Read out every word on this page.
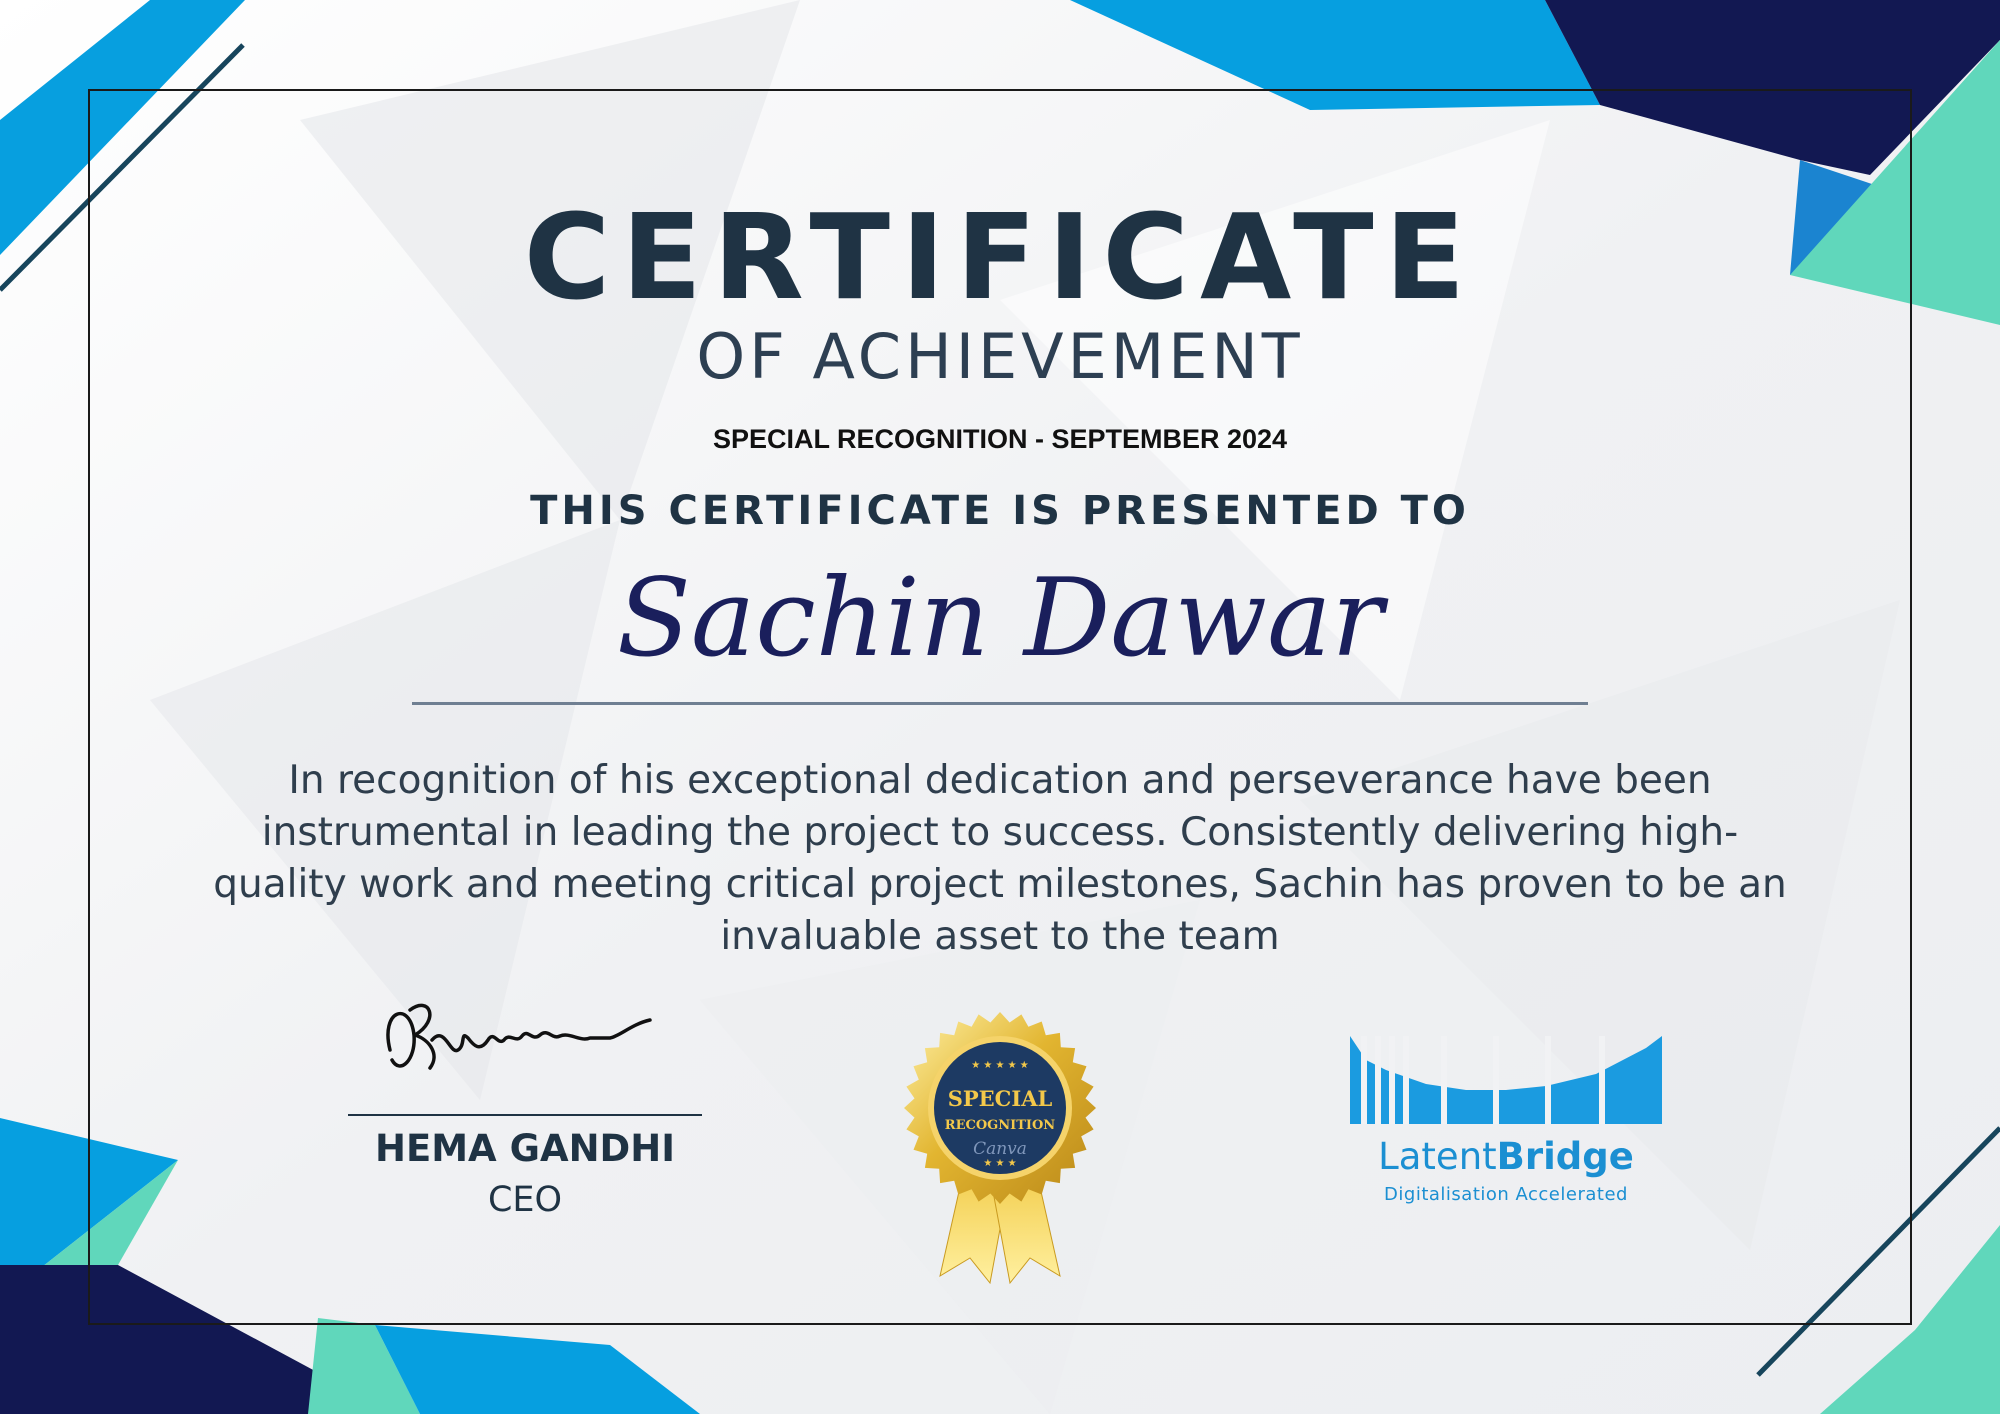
CERTIFICATE
OF ACHIEVEMENT
SPECIAL RECOGNITION - SEPTEMBER 2024
THIS CERTIFICATE IS PRESENTED TO
Sachin Dawar
In recognition of his exceptional dedication and perseverance have been
instrumental in leading the project to success. Consistently delivering high-
quality work and meeting critical project milestones, Sachin has proven to be an
invaluable asset to the team
HEMA GANDHI
CEO
★ ★ ★ ★ ★
SPECIAL
RECOGNITION
Canva
★ ★ ★	LatentBridge
Digitalisation Accelerated
